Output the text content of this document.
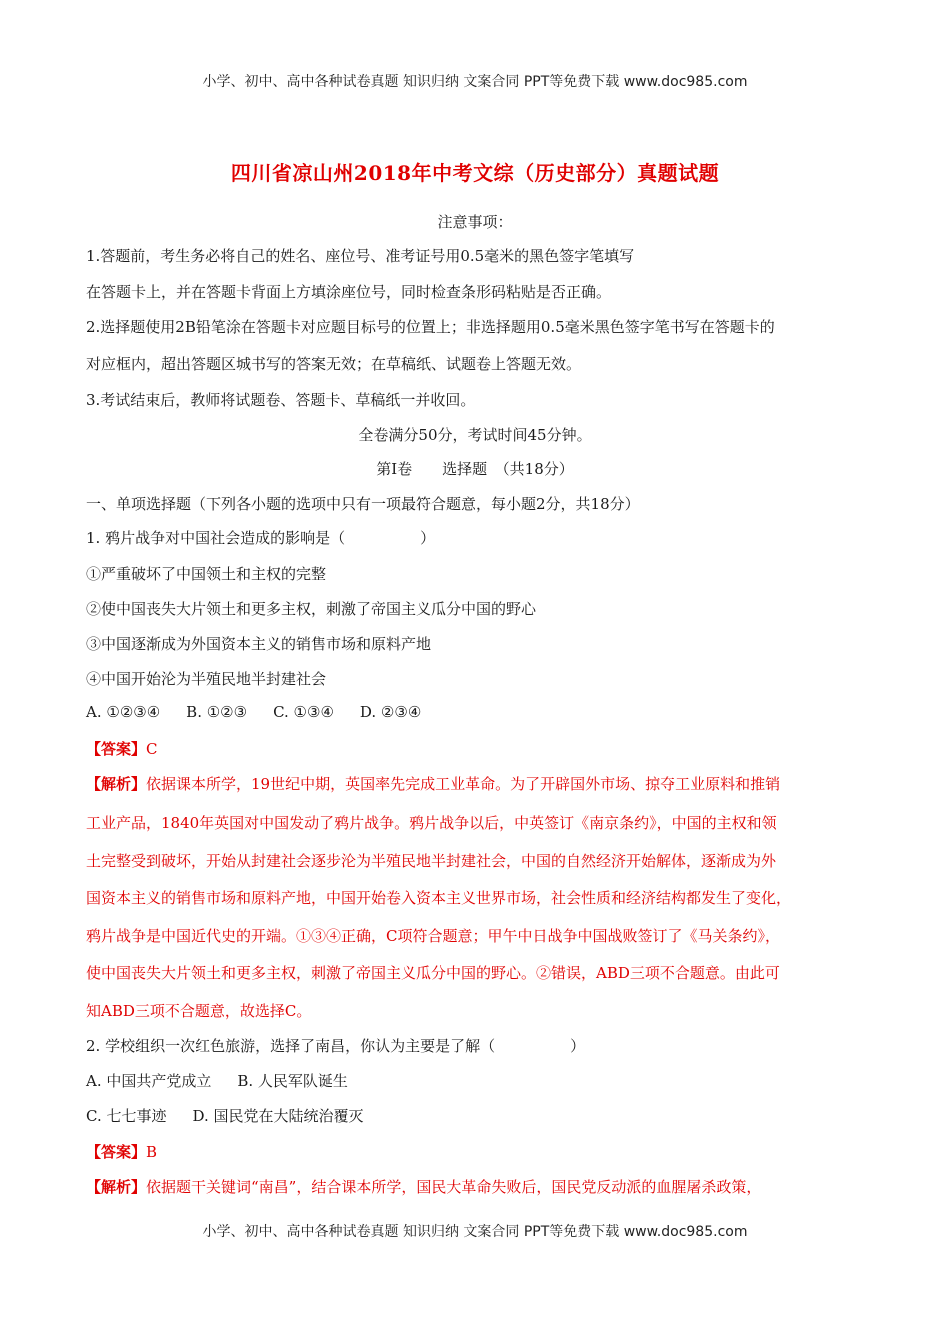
小学、初中、高中各种试卷真题 知识归纳 文案合同 PPT等免费下载 www.doc985.com
四川省凉山州2018年中考文综（历史部分）真题试题
注意事项：
1.答题前，考生务必将自己的姓名、座位号、准考证号用0.5毫米的黑色签字笔填写
在答题卡上，并在答题卡背面上方填涂座位号，同时检查条形码粘贴是否正确。
2.选择题使用2B铅笔涂在答题卡对应题目标号的位置上；非选择题用0.5毫米黑色签字笔书写在答题卡的
对应框内，超出答题区城书写的答案无效；在草稿纸、试题卷上答题无效。
3.考试结束后，教师将试题卷、答题卡、草稿纸一并收回。
全卷满分50分，考试时间45分钟。
第Ⅰ卷　　选择题　（共18分）
一、单项选择题（下列各小题的选项中只有一项最符合题意，每小题2分，共18分）
1. 鸦片战争对中国社会造成的影响是（　　　　　）
①严重破坏了中国领土和主权的完整
②使中国丧失大片领土和更多主权，刺激了帝国主义瓜分中国的野心
③中国逐渐成为外国资本主义的销售市场和原料产地
④中国开始沦为半殖民地半封建社会
A. ①②③④ B. ①②③ C. ①③④ D. ②③④
【答案】C
【解析】依据课本所学，19世纪中期，英国率先完成工业革命。为了开辟国外市场、掠夺工业原料和推销
工业产品，1840年英国对中国发动了鸦片战争。鸦片战争以后，中英签订《南京条约》，中国的主权和领
土完整受到破坏，开始从封建社会逐步沦为半殖民地半封建社会，中国的自然经济开始解体，逐渐成为外
国资本主义的销售市场和原料产地，中国开始卷入资本主义世界市场，社会性质和经济结构都发生了变化，
鸦片战争是中国近代史的开端。①③④正确，C项符合题意；甲午中日战争中国战败签订了《马关条约》，
使中国丧失大片领土和更多主权，刺激了帝国主义瓜分中国的野心。②错误，ABD三项不合题意。由此可
知ABD三项不合题意，故选择C。
2. 学校组织一次红色旅游，选择了南昌，你认为主要是了解（　　　　　）
A. 中国共产党成立 B. 人民军队诞生
C. 七七事迹 D. 国民党在大陆统治覆灭
【答案】B
【解析】依据题干关键词“南昌”，结合课本所学，国民大革命失败后，国民党反动派的血腥屠杀政策，
小学、初中、高中各种试卷真题 知识归纳 文案合同 PPT等免费下载 www.doc985.com
